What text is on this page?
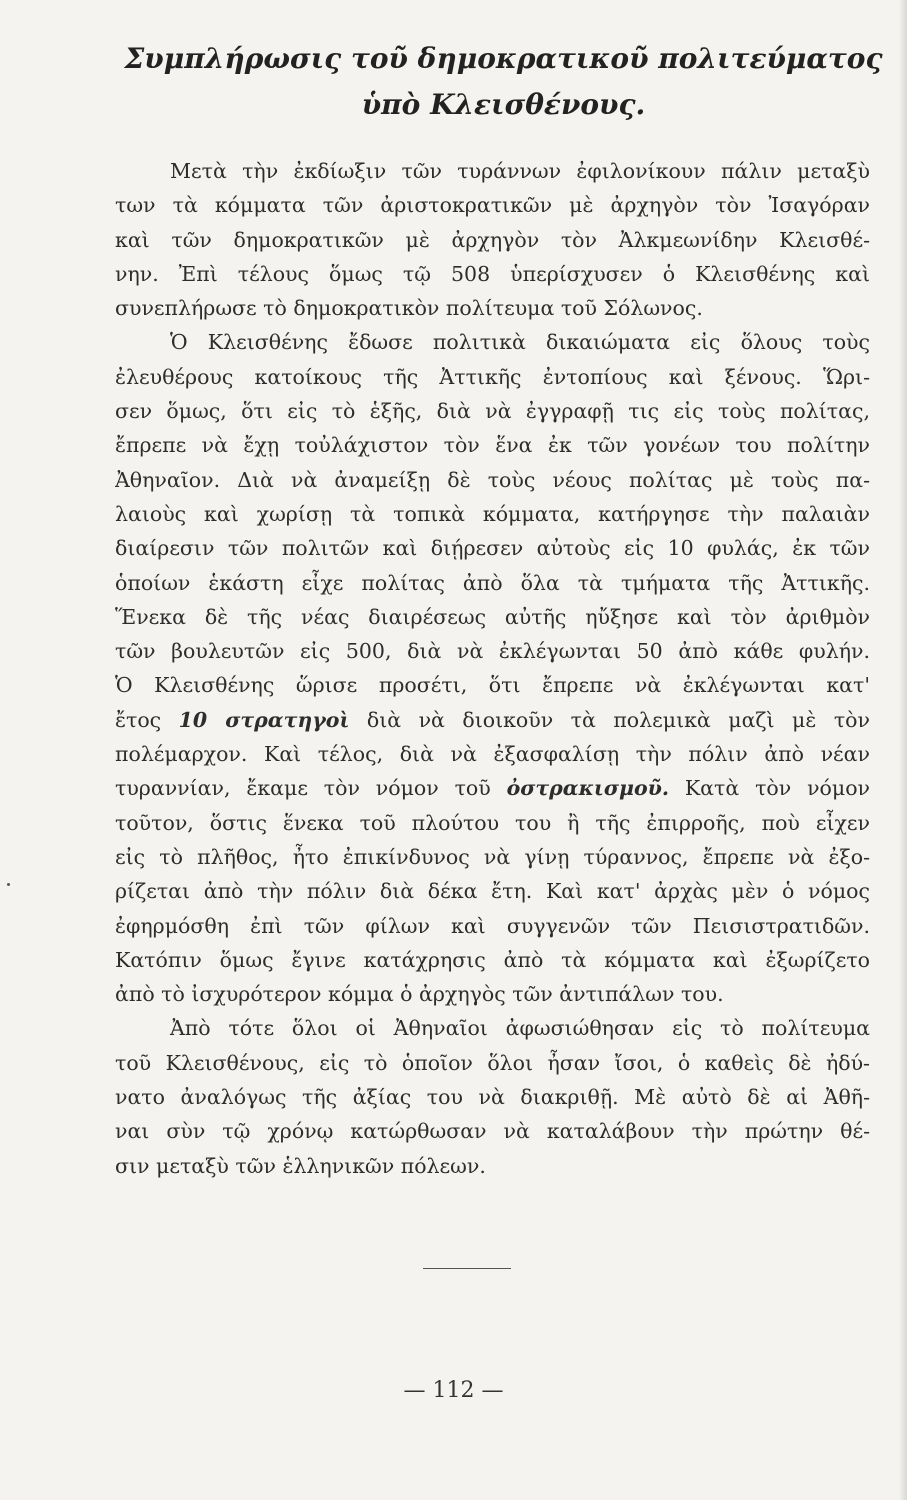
Συμπλήρωσις τοῦ δημοκρατικοῦ πολιτεύματος
ὑπὸ Κλεισθένους.
Μετὰ τὴν ἐκδίωξιν τῶν τυράννων ἐφιλονίκουν πάλιν μεταξὺ
των τὰ κόμματα τῶν ἀριστοκρατικῶν μὲ ἀρχηγὸν τὸν Ἰσαγόραν
καὶ τῶν δημοκρατικῶν μὲ ἀρχηγὸν τὸν Ἀλκμεωνίδην Κλεισθέ-
νην. Ἐπὶ τέλους ὅμως τῷ 508 ὑπερίσχυσεν ὁ Κλεισθένης καὶ
συνεπλήρωσε τὸ δημοκρατικὸν πολίτευμα τοῦ Σόλωνος.
Ὁ Κλεισθένης ἔδωσε πολιτικὰ δικαιώματα εἰς ὅλους τοὺς
ἐλευθέρους κατοίκους τῆς Ἀττικῆς ἐντοπίους καὶ ξένους. Ὥρι-
σεν ὅμως, ὅτι εἰς τὸ ἑξῆς, διὰ νὰ ἐγγραφῇ τις εἰς τοὺς πολίτας,
ἔπρεπε νὰ ἔχῃ τοὐλάχιστον τὸν ἕνα ἐκ τῶν γονέων του πολίτην
Ἀθηναῖον. Διὰ νὰ ἀναμείξῃ δὲ τοὺς νέους πολίτας μὲ τοὺς πα-
λαιοὺς καὶ χωρίσῃ τὰ τοπικὰ κόμματα, κατήργησε τὴν παλαιὰν
διαίρεσιν τῶν πολιτῶν καὶ διῄρεσεν αὐτοὺς εἰς 10 φυλάς, ἐκ τῶν
ὁποίων ἑκάστη εἶχε πολίτας ἀπὸ ὅλα τὰ τμήματα τῆς Ἀττικῆς.
Ἕνεκα δὲ τῆς νέας διαιρέσεως αὐτῆς ηὔξησε καὶ τὸν ἀριθμὸν
τῶν βουλευτῶν εἰς 500, διὰ νὰ ἐκλέγωνται 50 ἀπὸ κάθε φυλήν.
Ὁ Κλεισθένης ὥρισε προσέτι, ὅτι ἔπρεπε νὰ ἐκλέγωνται κατ'
ἔτος 10 στρατηγοὶ διὰ νὰ διοικοῦν τὰ πολεμικὰ μαζὶ μὲ τὸν
πολέμαρχον. Καὶ τέλος, διὰ νὰ ἐξασφαλίσῃ τὴν πόλιν ἀπὸ νέαν
τυραννίαν, ἔκαμε τὸν νόμον τοῦ ὀστρακισμοῦ. Κατὰ τὸν νόμον
τοῦτον, ὅστις ἕνεκα τοῦ πλούτου του ἢ τῆς ἐπιρροῆς, ποὺ εἶχεν
εἰς τὸ πλῆθος, ἦτο ἐπικίνδυνος νὰ γίνῃ τύραννος, ἔπρεπε νὰ ἐξο-
ρίζεται ἀπὸ τὴν πόλιν διὰ δέκα ἔτη. Καὶ κατ' ἀρχὰς μὲν ὁ νόμος
ἐφηρμόσθη ἐπὶ τῶν φίλων καὶ συγγενῶν τῶν Πεισιστρατιδῶν.
Κατόπιν ὅμως ἔγινε κατάχρησις ἀπὸ τὰ κόμματα καὶ ἐξωρίζετο
ἀπὸ τὸ ἰσχυρότερον κόμμα ὁ ἀρχηγὸς τῶν ἀντιπάλων του.
Ἀπὸ τότε ὅλοι οἱ Ἀθηναῖοι ἀφωσιώθησαν εἰς τὸ πολίτευμα
τοῦ Κλεισθένους, εἰς τὸ ὁποῖον ὅλοι ἦσαν ἴσοι, ὁ καθεὶς δὲ ἠδύ-
νατο ἀναλόγως τῆς ἀξίας του νὰ διακριθῇ. Μὲ αὐτὸ δὲ αἱ Ἀθῆ-
ναι σὺν τῷ χρόνῳ κατώρθωσαν νὰ καταλάβουν τὴν πρώτην θέ-
σιν μεταξὺ τῶν ἑλληνικῶν πόλεων.
— 112 —
